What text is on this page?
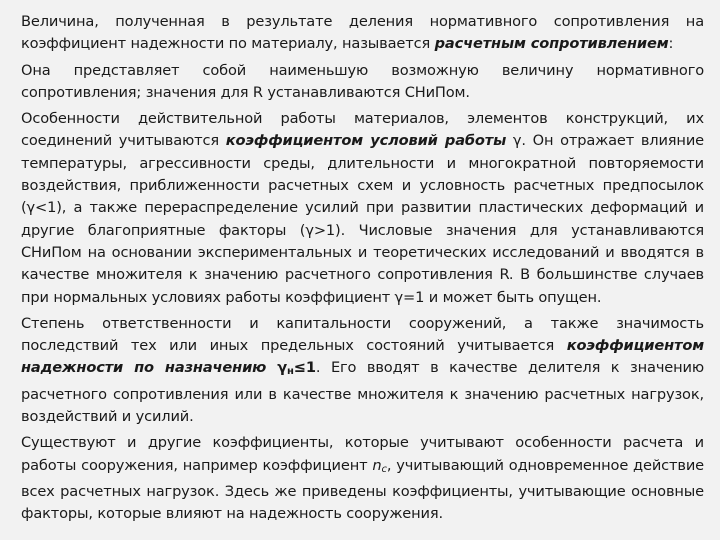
Величина, полученная в результате деления нормативного сопротивления на коэффициент надежности по материалу, называется расчетным сопротивлением:

Она представляет собой наименьшую возможную величину нормативного сопротивления; значения для R устанавливаются СНиПом.

Особенности действительной работы материалов, элементов конструкций, их соединений учитываются коэффициентом условий работы γ. Он отражает влияние температуры, агрессивности среды, длительности и многократной повторяемости воздействия, приближенности расчетных схем и условность расчетных предпосылок (γ<1), а также перераспределение усилий при развитии пластических деформаций и другие благоприятные факторы (γ>1). Числовые значения для устанавливаются СНиПом на основании экспериментальных и теоретических исследований и вводятся в качестве множителя к значению расчетного сопротивления R. В большинстве случаев при нормальных условиях работы коэффициент γ=1 и может быть опущен.

Степень ответственности и капитальности сооружений, а также значимость последствий тех или иных предельных состояний учитывается коэффициентом надежности по назначению $\gamma_н\le 1$. Его вводят в качестве делителя к значению расчетного сопротивления или в качестве множителя к значению расчетных нагрузок, воздействий и усилий.

Существуют и другие коэффициенты, которые учитывают особенности расчета и работы сооружения, например коэффициент $n_c$, учитывающий одновременное действие всех расчетных нагрузок. Здесь же приведены коэффициенты, учитывающие основные факторы, которые влияют на надежность сооружения.
